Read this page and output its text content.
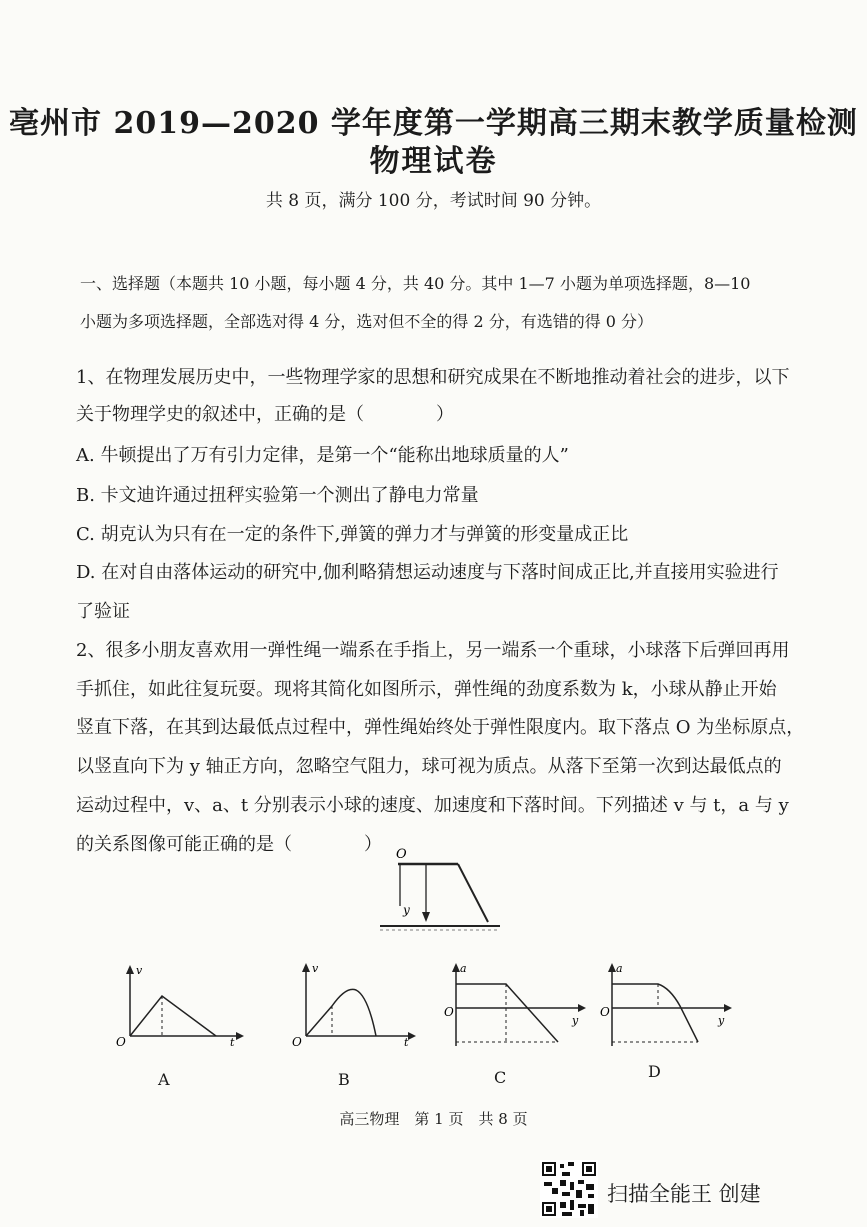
亳州市 2019—2020 学年度第一学期高三期末教学质量检测
物理试卷
共 8 页，满分 100 分，考试时间 90 分钟。
一、选择题（本题共 10 小题，每小题 4 分，共 40 分。其中 1—7 小题为单项选择题，8—10
小题为多项选择题，全部选对得 4 分，选对但不全的得 2 分，有选错的得 0 分）
1、在物理发展历史中，一些物理学家的思想和研究成果在不断地推动着社会的进步，以下
关于物理学史的叙述中，正确的是（　　　　）
A. 牛顿提出了万有引力定律，是第一个“能称出地球质量的人”
B. 卡文迪许通过扭秤实验第一个测出了静电力常量
C. 胡克认为只有在一定的条件下,弹簧的弹力才与弹簧的形变量成正比
D. 在对自由落体运动的研究中,伽利略猜想运动速度与下落时间成正比,并直接用实验进行
了验证
2、很多小朋友喜欢用一弹性绳一端系在手指上，另一端系一个重球，小球落下后弹回再用
手抓住，如此往复玩耍。现将其简化如图所示，弹性绳的劲度系数为 k，小球从静止开始
竖直下落，在其到达最低点过程中，弹性绳始终处于弹性限度内。取下落点 O 为坐标原点，
以竖直向下为 y 轴正方向，忽略空气阻力，球可视为质点。从落下至第一次到达最低点的
运动过程中，v、a、t 分别表示小球的速度、加速度和下落时间。下列描述 v 与 t，a 与 y
的关系图像可能正确的是（　　　　） O
y
v
O	t
A
v
O	t
B
a
O
y
C
a
O
y
D
高三物理　第 1 页　共 8 页
扫描全能王 创建
